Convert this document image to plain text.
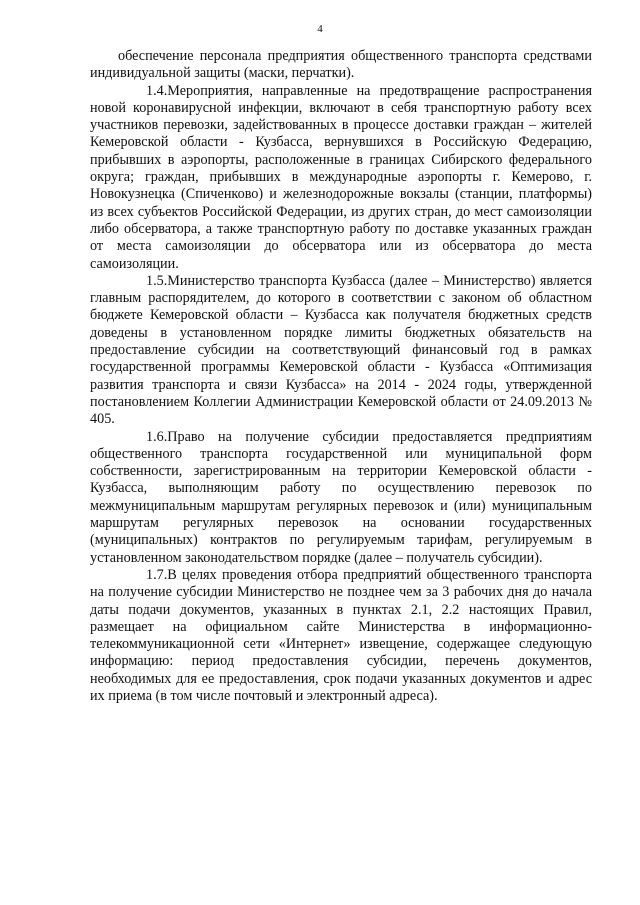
4

обеспечение персонала предприятия общественного транспорта средствами индивидуальной защиты (маски, перчатки).

1.4.Мероприятия, направленные на предотвращение распространения новой коронавирусной инфекции, включают в себя транспортную работу всех участников перевозки, задействованных в процессе доставки граждан – жителей Кемеровской области - Кузбасса, вернувшихся в Российскую Федерацию, прибывших в аэропорты, расположенные в границах Сибирского федерального округа; граждан, прибывших в международные аэропорты г. Кемерово, г. Новокузнецка (Спиченково) и железнодорожные вокзалы (станции, платформы) из всех субъектов Российской Федерации, из других стран, до мест самоизоляции либо обсерватора, а также транспортную работу по доставке указанных граждан от места самоизоляции до обсерватора или из обсерватора до места самоизоляции.

1.5.Министерство транспорта Кузбасса (далее – Министерство) является главным распорядителем, до которого в соответствии с законом об областном бюджете Кемеровской области – Кузбасса как получателя бюджетных средств доведены в установленном порядке лимиты бюджетных обязательств на предоставление субсидии на соответствующий финансовый год в рамках государственной программы Кемеровской области - Кузбасса «Оптимизация развития транспорта и связи Кузбасса» на 2014 - 2024 годы, утвержденной постановлением Коллегии Администрации Кемеровской области от 24.09.2013 № 405.

1.6.Право на получение субсидии предоставляется предприятиям общественного транспорта государственной или муниципальной форм собственности, зарегистрированным на территории Кемеровской области - Кузбасса, выполняющим работу по осуществлению перевозок по межмуниципальным маршрутам регулярных перевозок и (или) муниципальным маршрутам регулярных перевозок на основании государственных (муниципальных) контрактов по регулируемым тарифам, регулируемым в установленном законодательством порядке (далее – получатель субсидии).

1.7.В целях проведения отбора предприятий общественного транспорта на получение субсидии Министерство не позднее чем за 3 рабочих дня до начала даты подачи документов, указанных в пунктах 2.1, 2.2 настоящих Правил, размещает на официальном сайте Министерства в информационно-телекоммуникационной сети «Интернет» извещение, содержащее следующую информацию: период предоставления субсидии, перечень документов, необходимых для ее предоставления, срок подачи указанных документов и адрес их приема (в том числе почтовый и электронный адреса).
